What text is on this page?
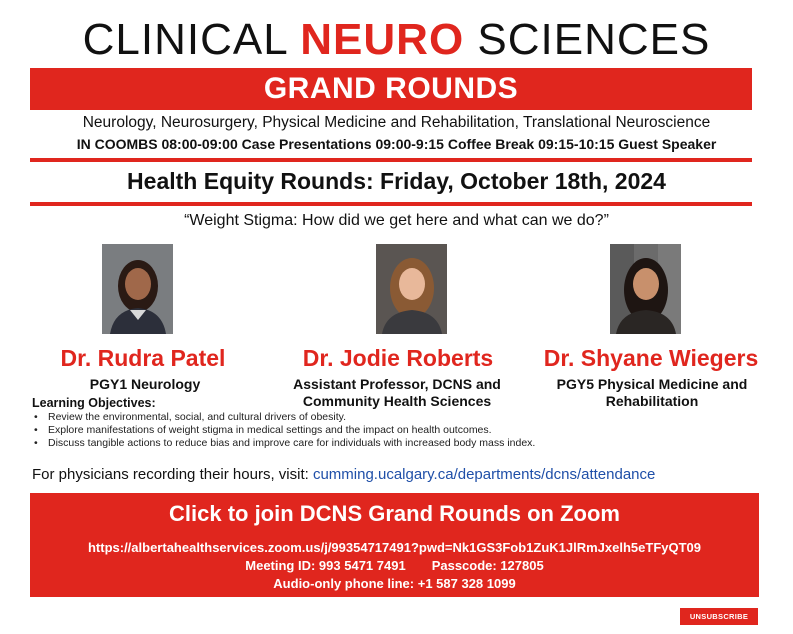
CLINICAL NEURO SCIENCES
GRAND ROUNDS
Neurology, Neurosurgery, Physical Medicine and Rehabilitation, Translational Neuroscience
IN COOMBS 08:00-09:00 Case Presentations 09:00-9:15 Coffee Break 09:15-10:15 Guest Speaker
Health Equity Rounds: Friday, October 18th, 2024
“Weight Stigma: How did we get here and what can we do?”
Dr. Rudra Patel	Dr. Jodie Roberts	Dr. Shyane Wiegers
PGY1 Neurology	Assistant Professor, DCNS and
Community Health Sciences
PGY5 Physical Medicine and
Rehabilitation
Learning Objectives:
• Review the environmental, social, and cultural drivers of obesity.
• Explore manifestations of weight stigma in medical settings and the impact on health outcomes.
• Discuss tangible actions to reduce bias and improve care for individuals with increased body mass index.
For physicians recording their hours, visit: cumming.ucalgary.ca/departments/dcns/attendance
Click to join DCNS Grand Rounds on Zoom
https://albertahealthservices.zoom.us/j/99354717491?pwd=Nk1GS3Fob1ZuK1JlRmJxelh5eTFyQT09
Meeting ID: 993 5471 7491 Passcode: 127805
Audio-only phone line: +1 587 328 1099
UNSUBSCRIBE
